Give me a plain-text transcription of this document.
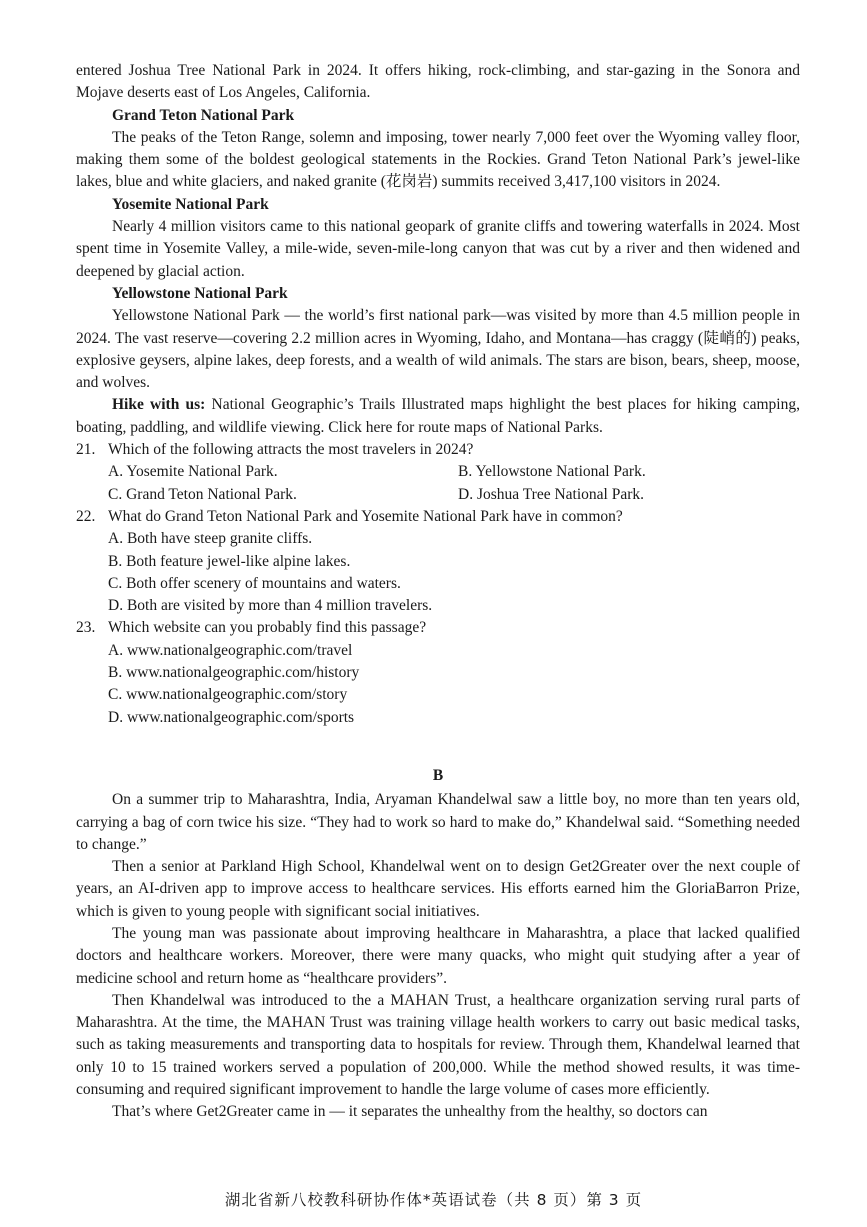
entered Joshua Tree National Park in 2024. It offers hiking, rock-climbing, and star-gazing in the Sonora and Mojave deserts east of Los Angeles, California.

Grand Teton National Park

The peaks of the Teton Range, solemn and imposing, tower nearly 7,000 feet over the Wyoming valley floor, making them some of the boldest geological statements in the Rockies. Grand Teton National Park’s jewel-like lakes, blue and white glaciers, and naked granite (花岗岩) summits received 3,417,100 visitors in 2024.

Yosemite National Park

Nearly 4 million visitors came to this national geopark of granite cliffs and towering waterfalls in 2024. Most spent time in Yosemite Valley, a mile-wide, seven-mile-long canyon that was cut by a river and then widened and deepened by glacial action.

Yellowstone National Park

Yellowstone National Park — the world’s first national park—was visited by more than 4.5 million people in 2024. The vast reserve—covering 2.2 million acres in Wyoming, Idaho, and Montana—has craggy (陡峭的) peaks, explosive geysers, alpine lakes, deep forests, and a wealth of wild animals. The stars are bison, bears, sheep, moose, and wolves.

Hike with us: National Geographic’s Trails Illustrated maps highlight the best places for hiking camping, boating, paddling, and wildlife viewing. Click here for route maps of National Parks.

21. Which of the following attracts the most travelers in 2024?
A. Yosemite National Park.	B. Yellowstone National Park.
C. Grand Teton National Park.	D. Joshua Tree National Park.
22. What do Grand Teton National Park and Yosemite National Park have in common?
A. Both have steep granite cliffs.
B. Both feature jewel-like alpine lakes.
C. Both offer scenery of mountains and waters.
D. Both are visited by more than 4 million travelers.
23. Which website can you probably find this passage?
A. www.nationalgeographic.com/travel
B. www.nationalgeographic.com/history
C. www.nationalgeographic.com/story
D. www.nationalgeographic.com/sports
B

On a summer trip to Maharashtra, India, Aryaman Khandelwal saw a little boy, no more than ten years old, carrying a bag of corn twice his size. “They had to work so hard to make do,” Khandelwal said. “Something needed to change.”

Then a senior at Parkland High School, Khandelwal went on to design Get2Greater over the next couple of years, an AI-driven app to improve access to healthcare services. His efforts earned him the GloriaBarron Prize, which is given to young people with significant social initiatives.

The young man was passionate about improving healthcare in Maharashtra, a place that lacked qualified doctors and healthcare workers. Moreover, there were many quacks, who might quit studying after a year of medicine school and return home as “healthcare providers”.

Then Khandelwal was introduced to the a MAHAN Trust, a healthcare organization serving rural parts of Maharashtra. At the time, the MAHAN Trust was training village health workers to carry out basic medical tasks, such as taking measurements and transporting data to hospitals for review. Through them, Khandelwal learned that only 10 to 15 trained workers served a population of 200,000. While the method showed results, it was time-consuming and required significant improvement to handle the large volume of cases more efficiently.

That’s where Get2Greater came in — it separates the unhealthy from the healthy, so doctors can

湖北省新八校教科研协作体*英语试卷（共 8 页）第 3 页
